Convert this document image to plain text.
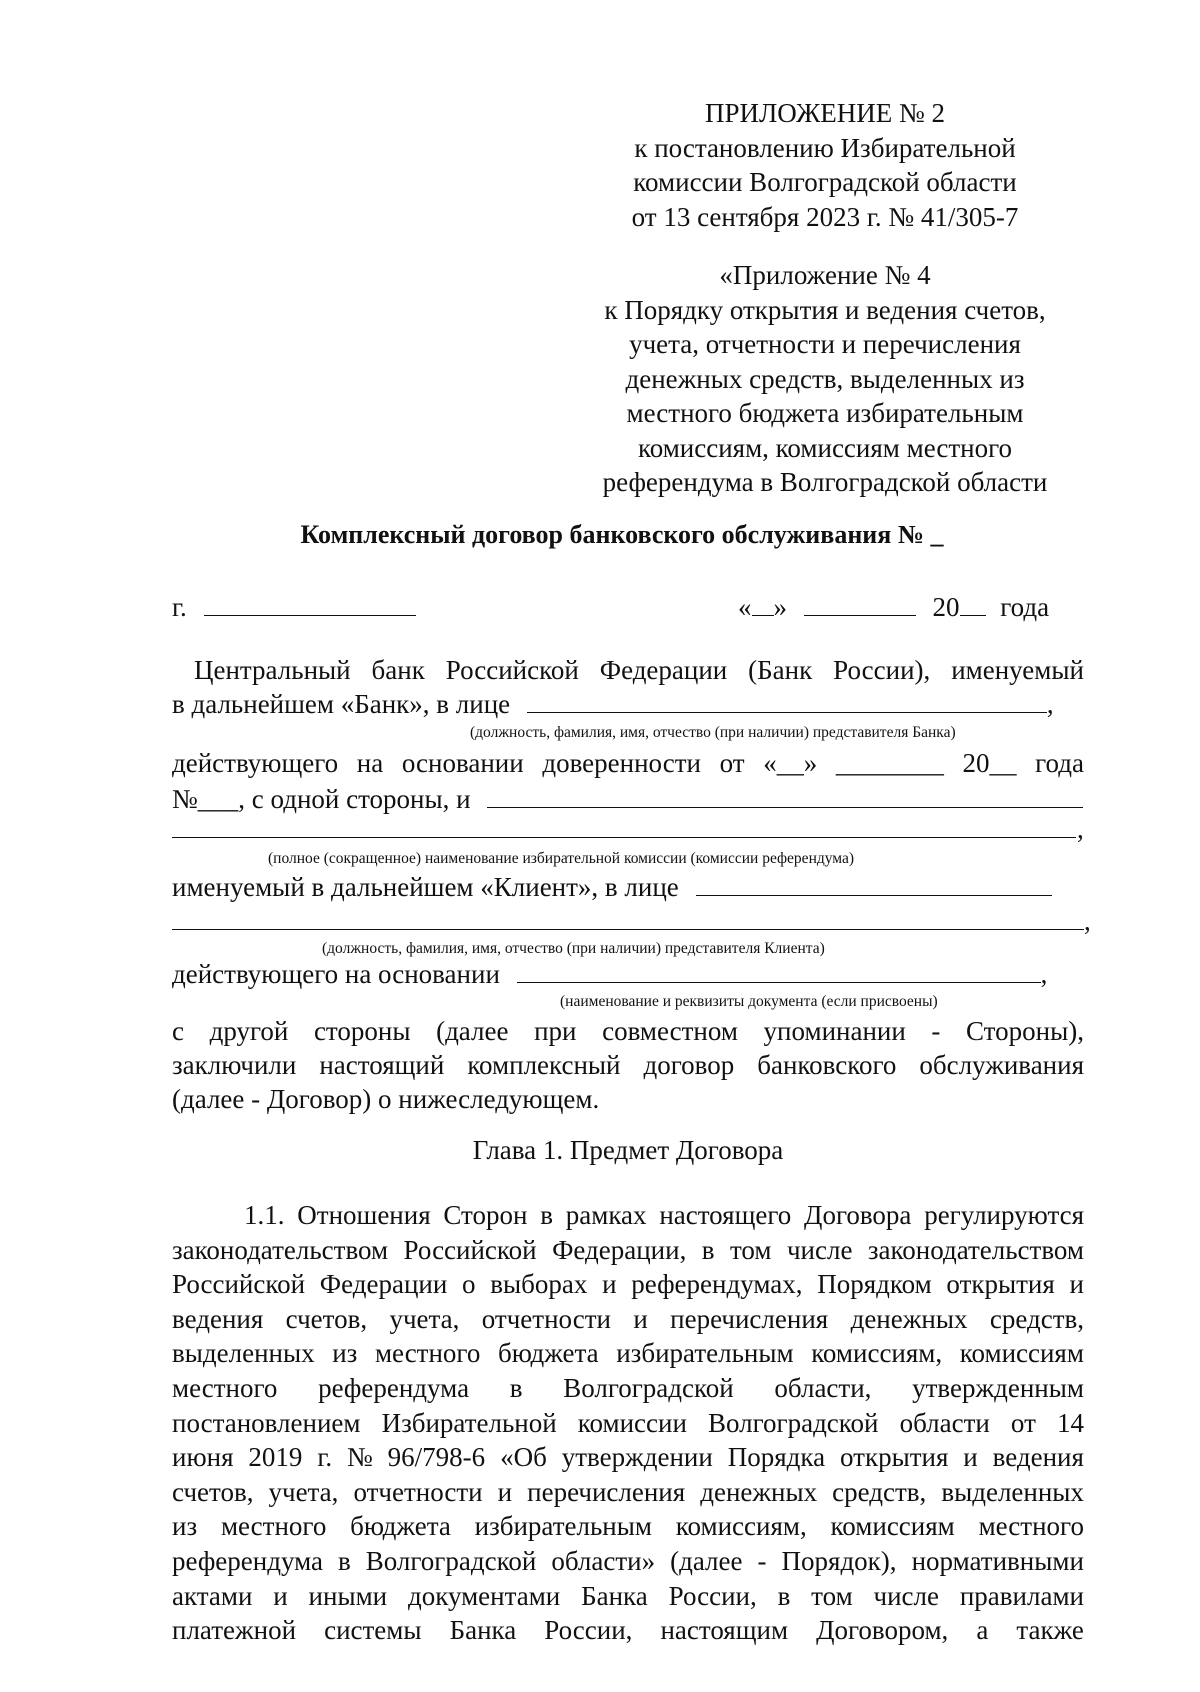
ПРИЛОЖЕНИЕ № 2
к постановлению Избирательной
комиссии Волгоградской области
от 13 сентября 2023 г. № 41/305-7
«Приложение № 4
к Порядку открытия и ведения счетов,
учета, отчетности и перечисления
денежных средств, выделенных из
местного бюджета избирательным
комиссиям, комиссиям местного
референдума в Волгоградской области
Комплексный договор банковского обслуживания № _
г.	« »	20 года
Центральный банк Российской Федерации (Банк России), именуемый
в дальнейшем «Банк», в лице	,
(должность, фамилия, имя, отчество (при наличии) представителя Банка)
действующего на основании доверенности от «__» ________ 20__ года
№___, с одной стороны, и
,
(полное (сокращенное) наименование избирательной комиссии (комиссии референдума)
именуемый в дальнейшем «Клиент», в лице
,
(должность, фамилия, имя, отчество (при наличии) представителя Клиента)
действующего на основании	,
(наименование и реквизиты документа (если присвоены)
с другой стороны (далее при совместном упоминании - Стороны),
заключили настоящий комплексный договор банковского обслуживания
(далее - Договор) о нижеследующем.
Глава 1. Предмет Договора
1.1. Отношения Сторон в рамках настоящего Договора регулируются
законодательством Российской Федерации, в том числе законодательством
Российской Федерации о выборах и референдумах, Порядком открытия и
ведения счетов, учета, отчетности и перечисления денежных средств,
выделенных из местного бюджета избирательным комиссиям, комиссиям
местного референдума в Волгоградской области, утвержденным
постановлением Избирательной комиссии Волгоградской области от 14
июня 2019 г. № 96/798-6 «Об утверждении Порядка открытия и ведения
счетов, учета, отчетности и перечисления денежных средств, выделенных
из местного бюджета избирательным комиссиям, комиссиям местного
референдума в Волгоградской области» (далее - Порядок), нормативными
актами и иными документами Банка России, в том числе правилами
платежной системы Банка России, настоящим Договором, а также
